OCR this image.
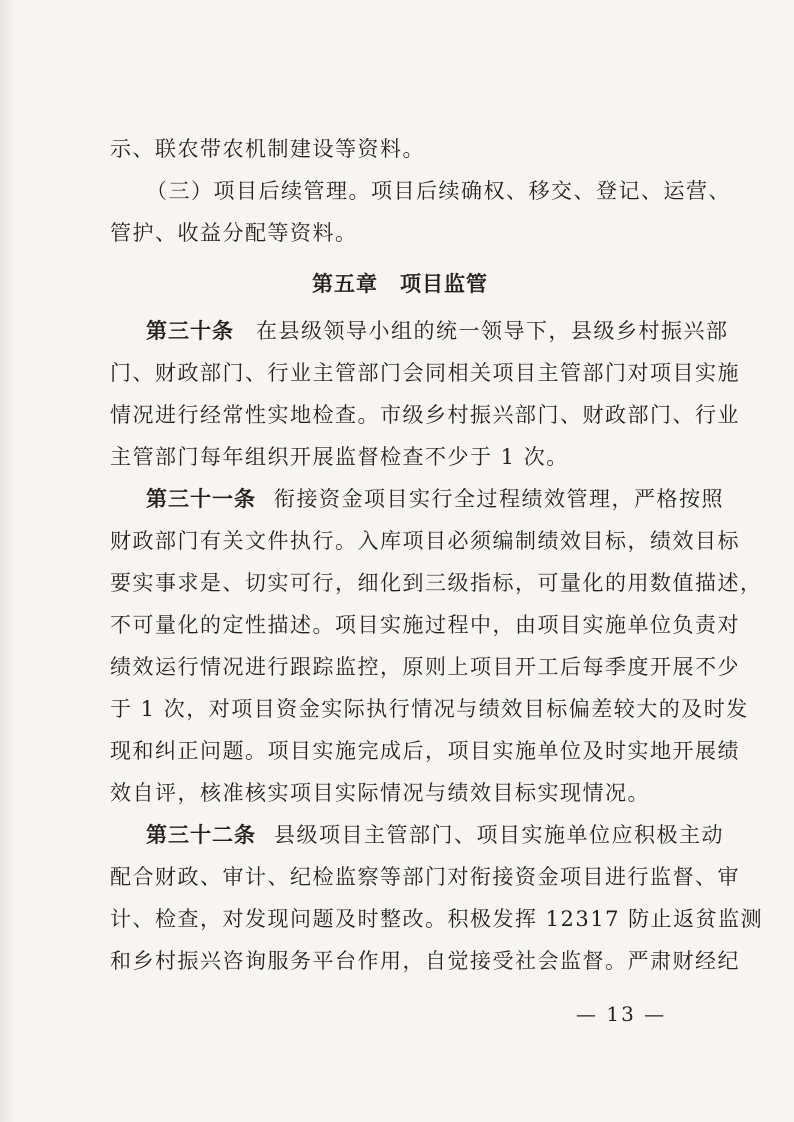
示、联农带农机制建设等资料。
（三）项目后续管理。项目后续确权、移交、登记、运营、
管护、收益分配等资料。
第五章 项目监管
第三十条 在县级领导小组的统一领导下，县级乡村振兴部
门、财政部门、行业主管部门会同相关项目主管部门对项目实施
情况进行经常性实地检查。市级乡村振兴部门、财政部门、行业
主管部门每年组织开展监督检查不少于 1 次。
第三十一条 衔接资金项目实行全过程绩效管理，严格按照
财政部门有关文件执行。入库项目必须编制绩效目标，绩效目标
要实事求是、切实可行，细化到三级指标，可量化的用数值描述，
不可量化的定性描述。项目实施过程中，由项目实施单位负责对
绩效运行情况进行跟踪监控，原则上项目开工后每季度开展不少
于 1 次，对项目资金实际执行情况与绩效目标偏差较大的及时发
现和纠正问题。项目实施完成后，项目实施单位及时实地开展绩
效自评，核准核实项目实际情况与绩效目标实现情况。
第三十二条 县级项目主管部门、项目实施单位应积极主动
配合财政、审计、纪检监察等部门对衔接资金项目进行监督、审
计、检查，对发现问题及时整改。积极发挥 12317 防止返贫监测
和乡村振兴咨询服务平台作用，自觉接受社会监督。严肃财经纪
— 13 —
